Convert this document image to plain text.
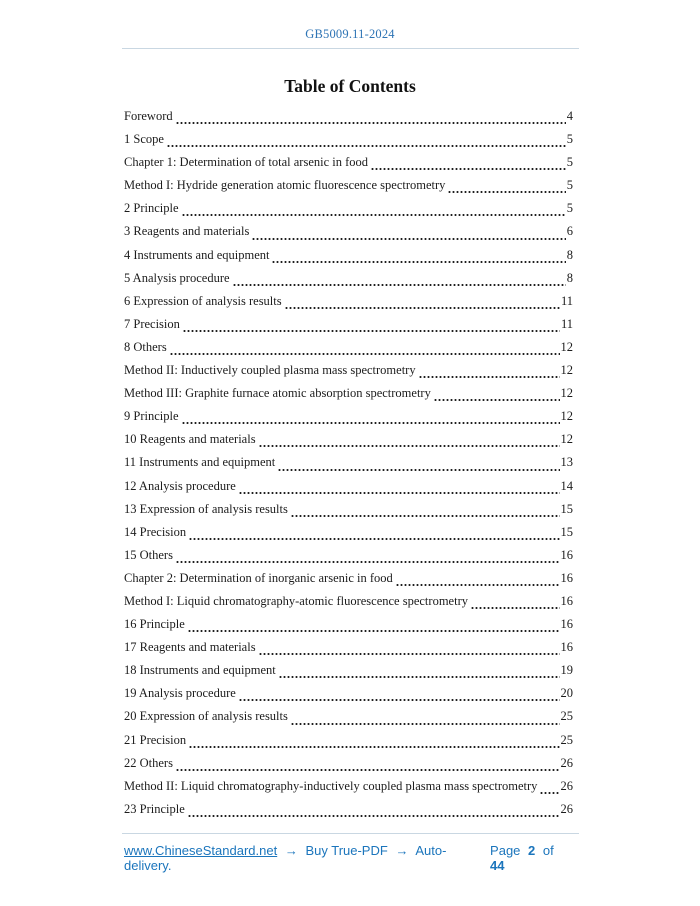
GB5009.11-2024
Table of Contents
Foreword	4
1 Scope	5
Chapter 1: Determination of total arsenic in food	5
Method I: Hydride generation atomic fluorescence spectrometry	5
2 Principle	5
3 Reagents and materials	6
4 Instruments and equipment	8
5 Analysis procedure	8
6 Expression of analysis results	11
7 Precision	11
8 Others	12
Method II: Inductively coupled plasma mass spectrometry	12
Method III: Graphite furnace atomic absorption spectrometry	12
9 Principle	12
10 Reagents and materials	12
11 Instruments and equipment	13
12 Analysis procedure	14
13 Expression of analysis results	15
14 Precision	15
15 Others	16
Chapter 2: Determination of inorganic arsenic in food	16
Method I: Liquid chromatography-atomic fluorescence spectrometry	16
16 Principle	16
17 Reagents and materials	16
18 Instruments and equipment	19
19 Analysis procedure	20
20 Expression of analysis results	25
21 Precision	25
22 Others	26
Method II: Liquid chromatography-inductively coupled plasma mass spectrometry 26
23 Principle	26
www.ChineseStandard.net → Buy True-PDF → Auto-delivery.
Page 2 of 44
